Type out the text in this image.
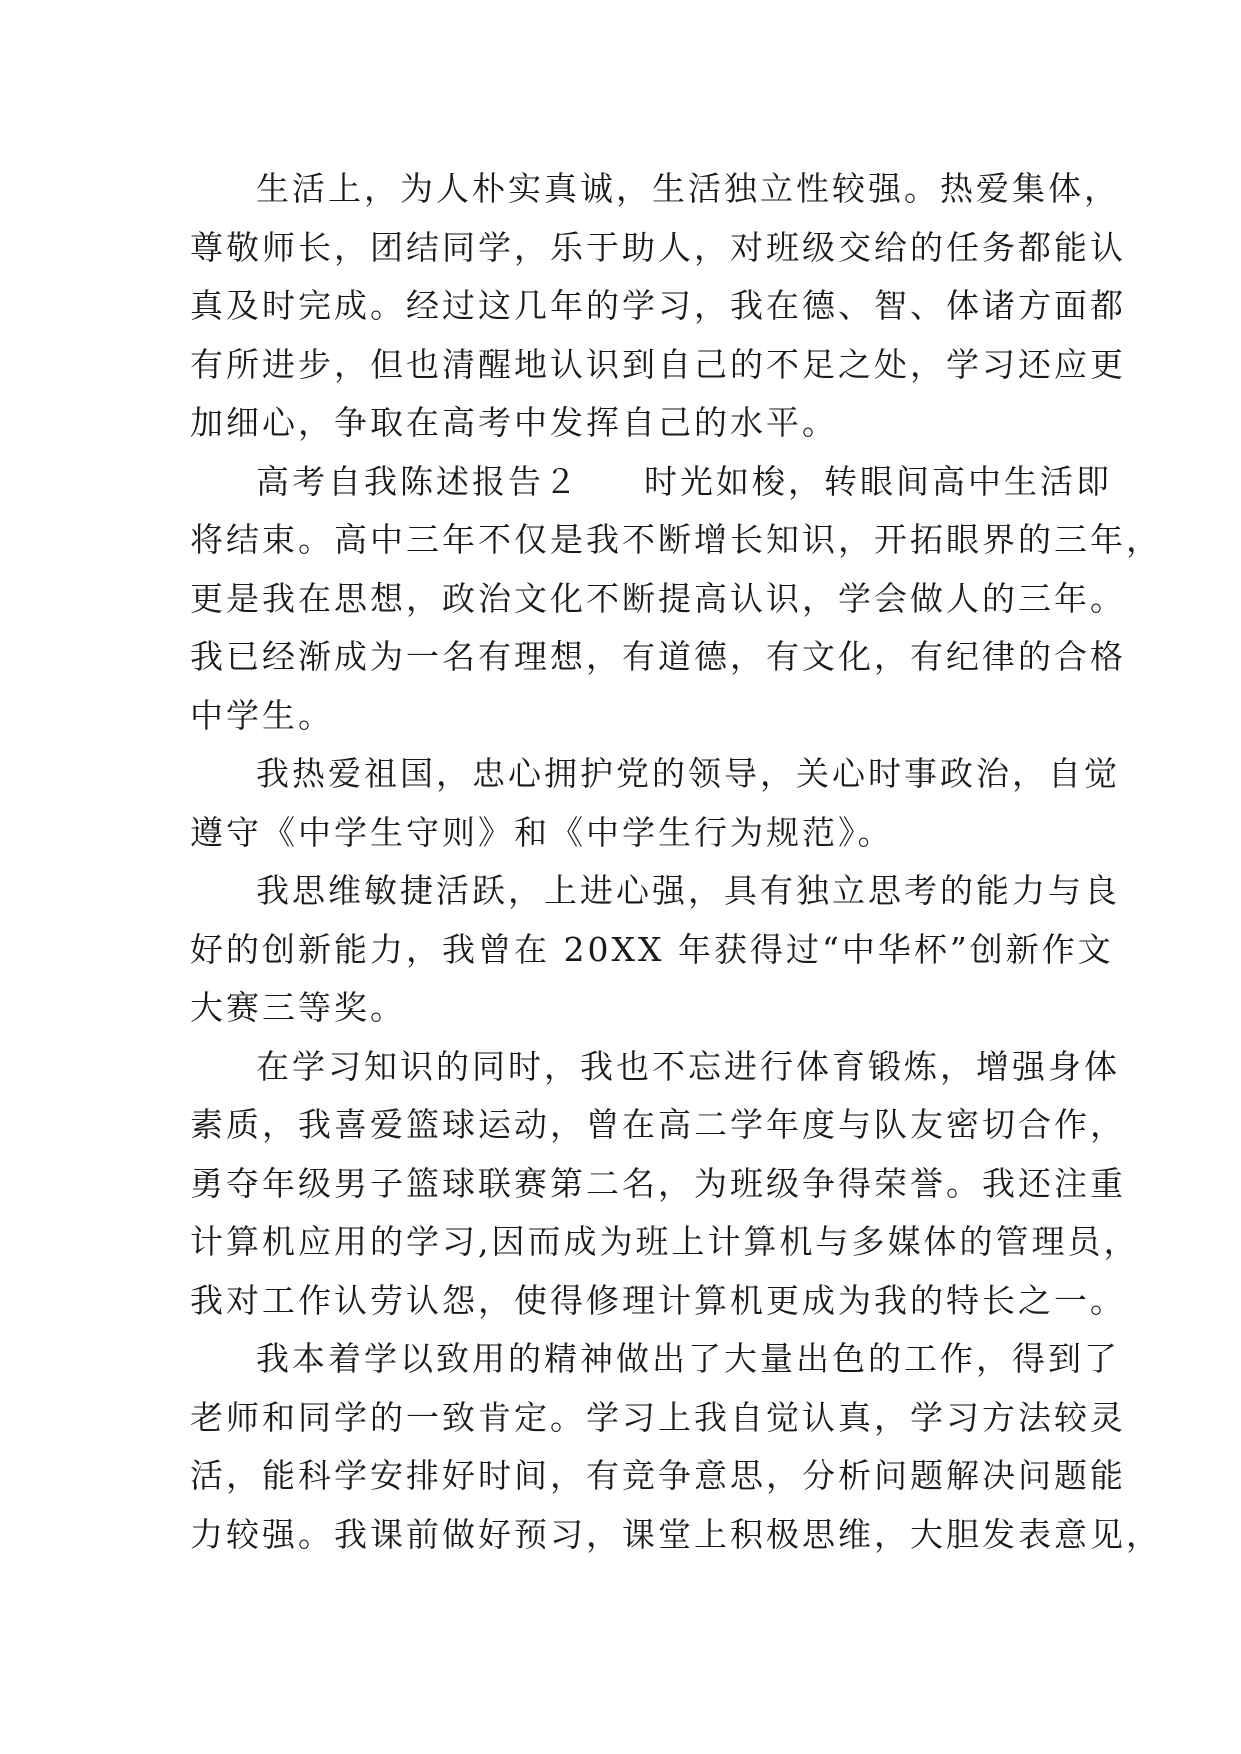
生活上，为人朴实真诚，生活独立性较强。热爱集体，

尊敬师长，团结同学，乐于助人，对班级交给的任务都能认

真及时完成。经过这几年的学习，我在德、智、体诸方面都

有所进步，但也清醒地认识到自己的不足之处，学习还应更

加细心，争取在高考中发挥自己的水平。

高考自我陈述报告２ 时光如梭，转眼间高中生活即

将结束。高中三年不仅是我不断增长知识，开拓眼界的三年，

更是我在思想，政治文化不断提高认识，学会做人的三年。

我已经渐成为一名有理想，有道德，有文化，有纪律的合格

中学生。

我热爱祖国，忠心拥护党的领导，关心时事政治，自觉

遵守《中学生守则》和《中学生行为规范》。

我思维敏捷活跃，上进心强，具有独立思考的能力与良

好的创新能力，我曾在 20XX 年获得过“中华杯”创新作文

大赛三等奖。

在学习知识的同时，我也不忘进行体育锻炼，增强身体

素质，我喜爱篮球运动，曾在高二学年度与队友密切合作，

勇夺年级男子篮球联赛第二名，为班级争得荣誉。我还注重

计算机应用的学习,因而成为班上计算机与多媒体的管理员，

我对工作认劳认怨，使得修理计算机更成为我的特长之一。

我本着学以致用的精神做出了大量出色的工作，得到了

老师和同学的一致肯定。学习上我自觉认真，学习方法较灵

活，能科学安排好时间，有竞争意思，分析问题解决问题能

力较强。我课前做好预习，课堂上积极思维，大胆发表意见，
